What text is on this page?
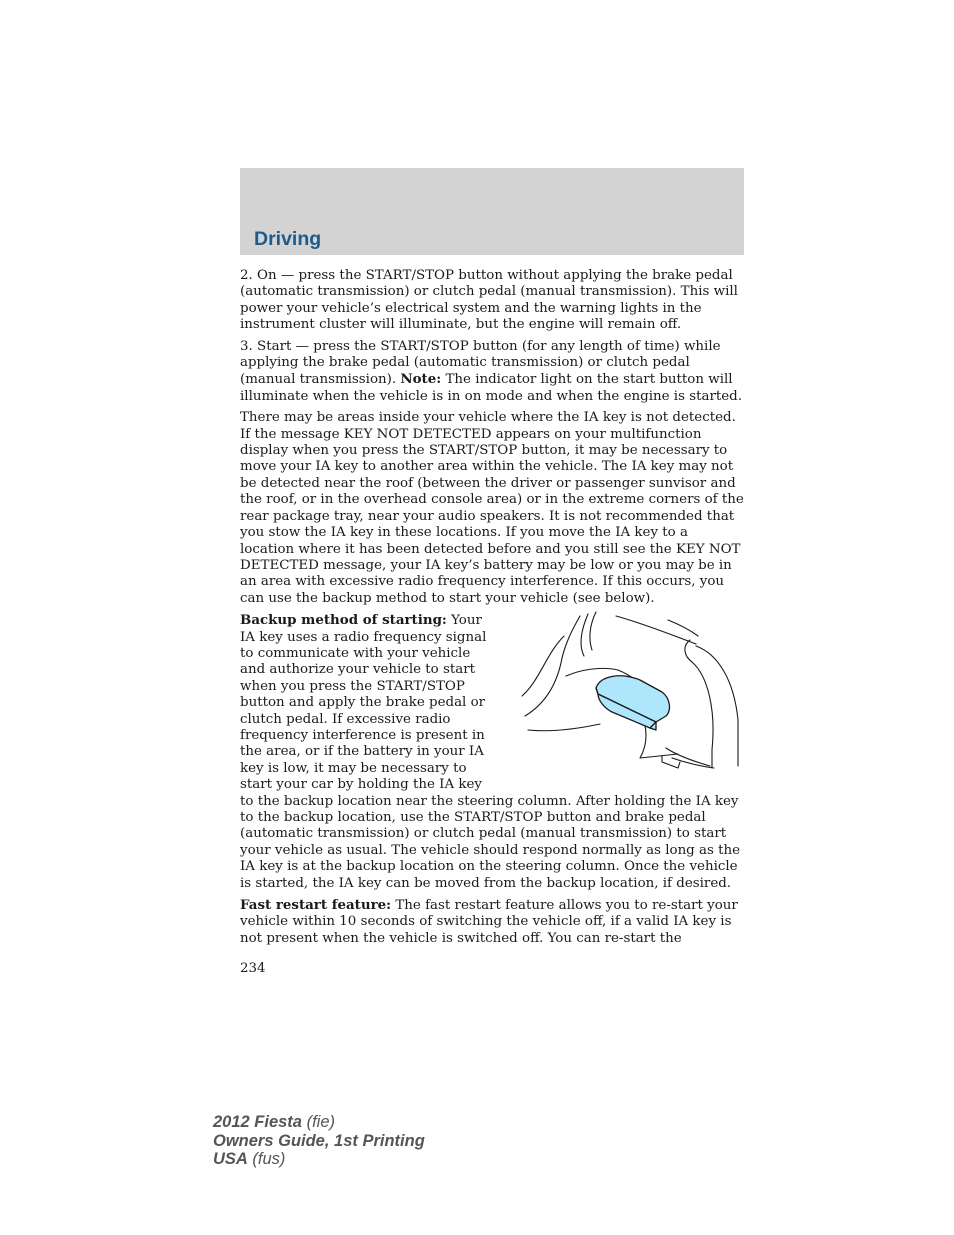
Driving

2. On — press the START/STOP button without applying the brake pedal (automatic transmission) or clutch pedal (manual transmission). This will power your vehicle’s electrical system and the warning lights in the instrument cluster will illuminate, but the engine will remain off.

3. Start — press the START/STOP button (for any length of time) while applying the brake pedal (automatic transmission) or clutch pedal (manual transmission). Note: The indicator light on the start button will illuminate when the vehicle is in on mode and when the engine is started.

There may be areas inside your vehicle where the IA key is not detected. If the message KEY NOT DETECTED appears on your multifunction display when you press the START/STOP button, it may be necessary to move your IA key to another area within the vehicle. The IA key may not be detected near the roof (between the driver or passenger sunvisor and the roof, or in the overhead console area) or in the extreme corners of the rear package tray, near your audio speakers. It is not recommended that you stow the IA key in these locations. If you move the IA key to a location where it has been detected before and you still see the KEY NOT DETECTED message, your IA key’s battery may be low or you may be in an area with excessive radio frequency interference. If this occurs, you can use the backup method to start your vehicle (see below).

Backup method of starting: Your IA key uses a radio frequency signal to communicate with your vehicle and authorize your vehicle to start when you press the START/STOP button and apply the brake pedal or clutch pedal. If excessive radio frequency interference is present in the area, or if the battery in your IA key is low, it may be necessary to start your car by holding the IA key to the backup location near the steering column. After holding the IA key to the backup location, use the START/STOP button and brake pedal (automatic transmission) or clutch pedal (manual transmission) to start your vehicle as usual. The vehicle should respond normally as long as the IA key is at the backup location on the steering column. Once the vehicle is started, the IA key can be moved from the backup location, if desired.

Fast restart feature: The fast restart feature allows you to re-start your vehicle within 10 seconds of switching the vehicle off, if a valid IA key is not present when the vehicle is switched off. You can re-start the

234
2012 Fiesta (fie)
Owners Guide, 1st Printing
USA (fus)
